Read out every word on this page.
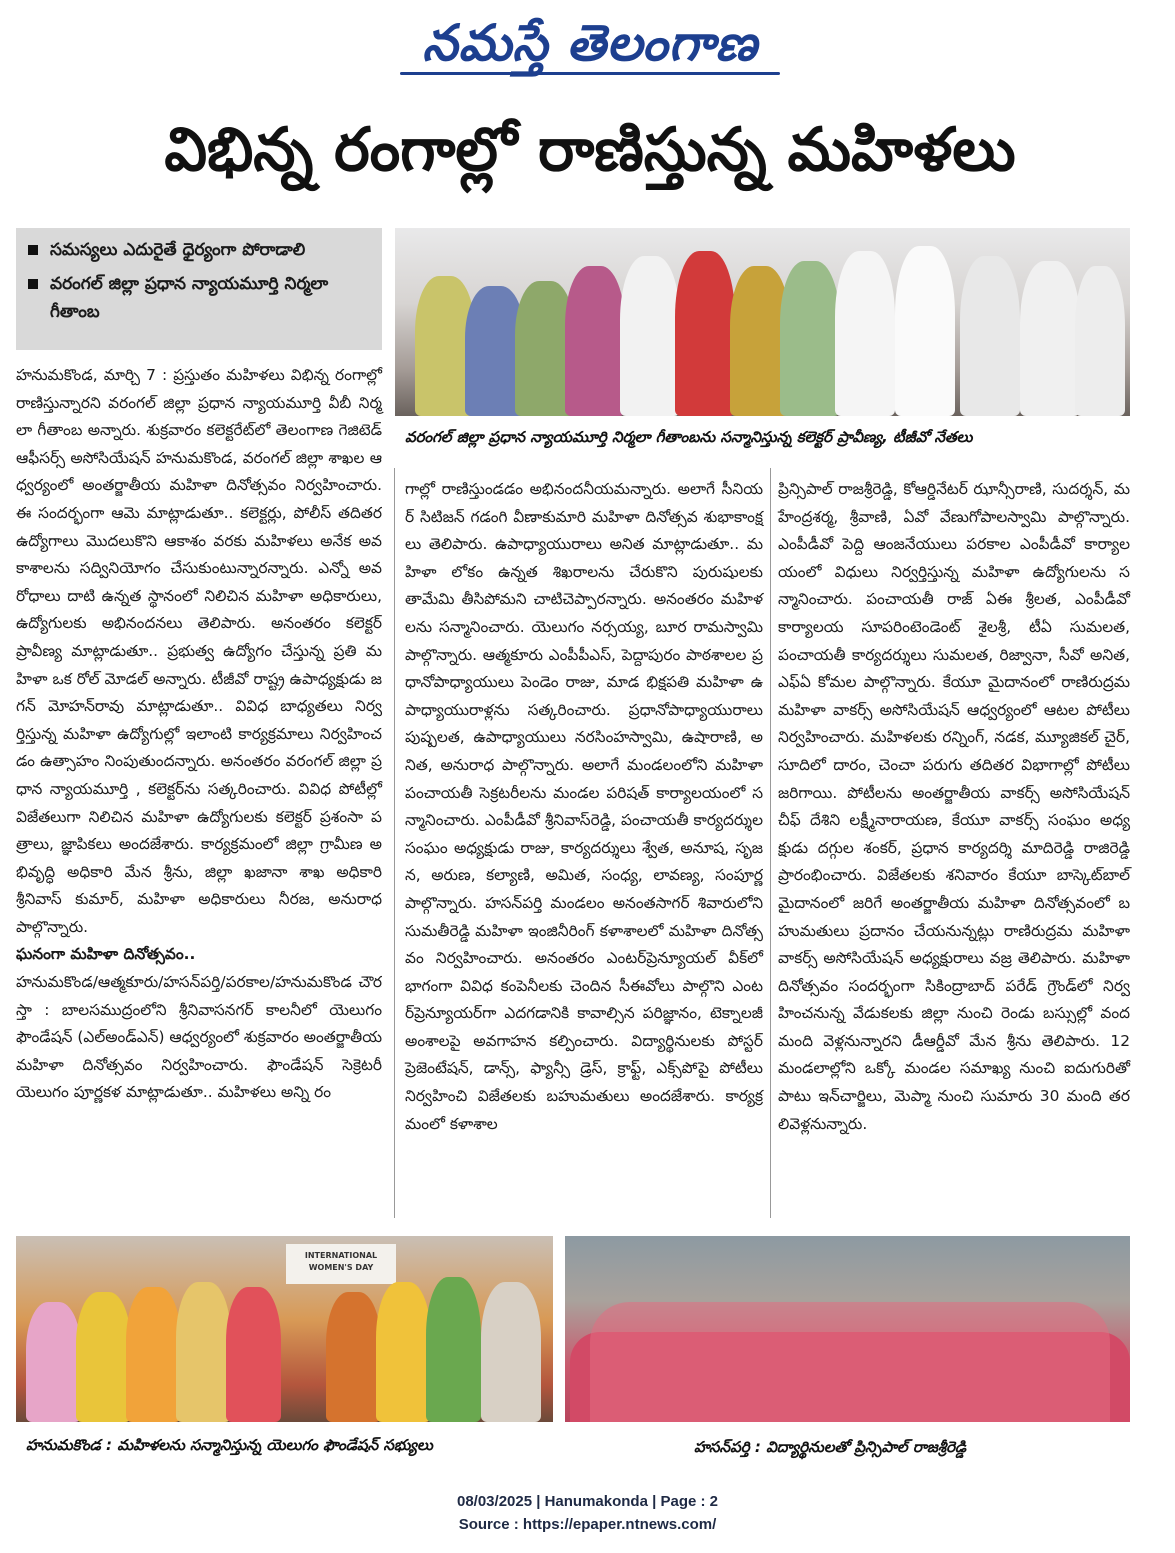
నమస్తే తెలంగాణ
విభిన్న రంగాల్లో రాణిస్తున్న మహిళలు
సమస్యలు ఎదురైతే ధైర్యంగా పోరాడాలి
వరంగల్ జిల్లా ప్రధాన న్యాయమూర్తి నిర్మలా గీతాంబ
వరంగల్ జిల్లా ప్రధాన న్యాయమూర్తి నిర్మలా గీతాంబను సన్మానిస్తున్న కలెక్టర్ ప్రావీణ్య, టీజీవో నేతలు

హనుమకొండ, మార్చి 7 : ప్రస్తుతం మహిళలు విభిన్న రంగాల్లో రాణిస్తున్నారని వరంగల్ జిల్లా ప్రధాన న్యాయమూర్తి వీబీ నిర్మలా గీతాంబ అన్నారు. శుక్రవారం కలెక్టరేట్‌లో తెలంగాణ గెజిటెడ్ ఆఫీసర్స్ అసోసియేషన్ హనుమకొండ, వరంగల్ జిల్లా శాఖల ఆధ్వర్యంలో అంతర్జాతీయ మహిళా దినోత్సవం నిర్వహించారు. ఈ సందర్భంగా ఆమె మాట్లాడుతూ.. కలెక్టర్లు, పోలీస్ తదితర ఉద్యోగాలు మొదలుకొని ఆకాశం వరకు మహిళలు అనేక అవకాశాలను సద్వినియోగం చేసుకుంటున్నారన్నారు. ఎన్నో అవరోధాలు దాటి ఉన్నత స్థానంలో నిలిచిన మహిళా అధికారులు, ఉద్యోగులకు అభినందనలు తెలిపారు. అనంతరం కలెక్టర్ ప్రావీణ్య మాట్లాడుతూ.. ప్రభుత్వ ఉద్యోగం చేస్తున్న ప్రతి మహిళా ఒక రోల్ మోడల్ అన్నారు. టీజీవో రాష్ట్ర ఉపాధ్యక్షుడు జగన్ మోహన్‌రావు మాట్లాడుతూ.. వివిధ బాధ్యతలు నిర్వర్తిస్తున్న మహిళా ఉద్యోగుల్లో ఇలాంటి కార్యక్రమాలు నిర్వహించడం ఉత్సాహం నింపుతుందన్నారు. అనంతరం వరంగల్ జిల్లా ప్రధాన న్యాయమూర్తి , కలెక్టర్‌ను సత్కరించారు. వివిధ పోటీల్లో విజేతలుగా నిలిచిన మహిళా ఉద్యోగులకు కలెక్టర్ ప్రశంసా పత్రాలు, జ్ఞాపికలు అందజేశారు. కార్యక్రమంలో జిల్లా గ్రామీణ అభివృద్ధి అధికారి మేన శ్రీను, జిల్లా ఖజానా శాఖ అధికారి శ్రీనివాస్ కుమార్, మహిళా అధికారులు నీరజ, అనురాధ పాల్గొన్నారు.

ఘనంగా మహిళా దినోత్సవం..

హనుమకొండ/ఆత్మకూరు/హసన్‌పర్తి/పరకాల/హనుమకొండ చౌరస్తా : బాలసముద్రంలోని శ్రీనివాసనగర్ కాలనీలో యెలుగం ఫౌండేషన్ (ఎల్అండ్ఎన్) ఆధ్వర్యంలో శుక్రవారం అంతర్జాతీయ మహిళా దినోత్సవం నిర్వహించారు. ఫౌండేషన్ సెక్రెటరీ యెలుగం పూర్ణకళ మాట్లాడుతూ.. మహిళలు అన్ని రం

గాల్లో రాణిస్తుండడం అభినందనీయమన్నారు. అలాగే సీనియర్ సిటిజన్ గడంగి వీణాకుమారి మహిళా దినోత్సవ శుభాకాంక్షలు తెలిపారు. ఉపాధ్యాయురాలు అనిత మాట్లాడుతూ.. మహిళా లోకం ఉన్నత శిఖరాలను చేరుకొని పురుషులకు తామేమి తీసిపోమని చాటిచెప్పారన్నారు. అనంతరం మహిళలను సన్మానించారు. యెలుగం నర్సయ్య, బూర రామస్వామి పాల్గొన్నారు. ఆత్మకూరు ఎంపీపీఎస్, పెద్దాపురం పాఠశాలల ప్రధానోపాధ్యాయులు పెండెం రాజు, మాడ భిక్షపతి మహిళా ఉపాధ్యాయురాళ్లను సత్కరించారు. ప్రధానోపాధ్యాయురాలు పుష్పలత, ఉపాధ్యాయులు నరసింహస్వామి, ఉషారాణి, అనిత, అనురాధ పాల్గొన్నారు. అలాగే మండలంలోని మహిళా పంచాయతీ సెక్రటరీలను మండల పరిషత్ కార్యాలయంలో సన్మానించారు. ఎంపీడీవో శ్రీనివాస్‌రెడ్డి, పంచాయతీ కార్యదర్శుల సంఘం అధ్యక్షుడు రాజు, కార్యదర్శులు శ్వేత, అనూష, సృజన, అరుణ, కల్యాణి, అమిత, సంధ్య, లావణ్య, సంపూర్ణ పాల్గొన్నారు. హసన్‌పర్తి మండలం అనంతసాగర్ శివారులోని సుమతీరెడ్డి మహిళా ఇంజినీరింగ్ కళాశాలలో మహిళా దినోత్సవం నిర్వహించారు. అనంతరం ఎంటర్‌ప్రెన్యూయల్ వీక్‌లో భాగంగా వివిధ కంపెనీలకు చెందిన సీఈవోలు పాల్గొని ఎంటర్‌ప్రెన్యూయర్‌గా ఎదగడానికి కావాల్సిన పరిజ్ఞానం, టెక్నాలజీ అంశాలపై అవగాహన కల్పించారు. విద్యార్థినులకు పోస్టర్ ప్రెజెంటేషన్, డాన్స్, ఫ్యాన్సీ డ్రెస్, క్రాఫ్ట్, ఎక్స్‌పోపై పోటీలు నిర్వహించి విజేతలకు బహుమతులు అందజేశారు. కార్యక్రమంలో కళాశాల

ప్రిన్సిపాల్ రాజశ్రీరెడ్డి, కోఆర్డినేటర్ ఝాన్సీరాణి, సుదర్శన్, మహేంద్రశర్మ, శ్రీవాణి, ఏవో వేణుగోపాలస్వామి పాల్గొన్నారు. ఎంపీడీవో పెద్ది ఆంజనేయులు పరకాల ఎంపీడీవో కార్యాలయంలో విధులు నిర్వర్తిస్తున్న మహిళా ఉద్యోగులను సన్మానించారు. పంచాయతీ రాజ్ ఏఈ శ్రీలత, ఎంపీడీవో కార్యాలయ సూపరింటెండెంట్ శైలశ్రీ, టీఏ సుమలత, పంచాయతీ కార్యదర్శులు సుమలత, రిజ్వానా, సీవో అనిత, ఎఫ్ఏ కోమల పాల్గొన్నారు. కేయూ మైదానంలో రాణిరుద్రమ మహిళా వాకర్స్ అసోసియేషన్ ఆధ్వర్యంలో ఆటల పోటీలు నిర్వహించారు. మహిళలకు రన్నింగ్, నడక, మ్యూజికల్ చైర్, సూదిలో దారం, చెంచా పరుగు తదితర విభాగాల్లో పోటీలు జరిగాయి. పోటీలను అంతర్జాతీయ వాకర్స్ అసోసియేషన్ చీఫ్ దేశిని లక్ష్మీనారాయణ, కేయూ వాకర్స్ సంఘం అధ్యక్షుడు దగ్గుల శంకర్, ప్రధాన కార్యదర్శి మాదిరెడ్డి రాజిరెడ్డి ప్రారంభించారు. విజేతలకు శనివారం కేయూ బాస్కెట్‌బాల్ మైదానంలో జరిగే అంతర్జాతీయ మహిళా దినోత్సవంలో బహుమతులు ప్రదానం చేయనున్నట్లు రాణిరుద్రమ మహిళా వాకర్స్ అసోసియేషన్ అధ్యక్షురాలు వజ్ర తెలిపారు. మహిళా దినోత్సవం సందర్భంగా సికింద్రాబాద్ పరేడ్ గ్రౌండ్‌లో నిర్వహించనున్న వేడుకలకు జిల్లా నుంచి రెండు బస్సుల్లో వంద మంది వెళ్లనున్నారని డీఆర్డీవో మేన శ్రీను తెలిపారు. 12 మండలాల్లోని ఒక్కో మండల సమాఖ్య నుంచి ఐదుగురితో పాటు ఇన్‌చార్జిలు, మెప్మా నుంచి సుమారు 30 మంది తరలివెళ్లనున్నారు.

INTERNATIONAL WOMEN'S DAY
హనుమకొండ : మహిళలను సన్మానిస్తున్న యెలుగం ఫౌండేషన్ సభ్యులు	హసన్‌పర్తి : విద్యార్థినులతో ప్రిన్సిపాల్ రాజశ్రీరెడ్డి
08/03/2025 | Hanumakonda | Page : 2
Source : https://epaper.ntnews.com/
